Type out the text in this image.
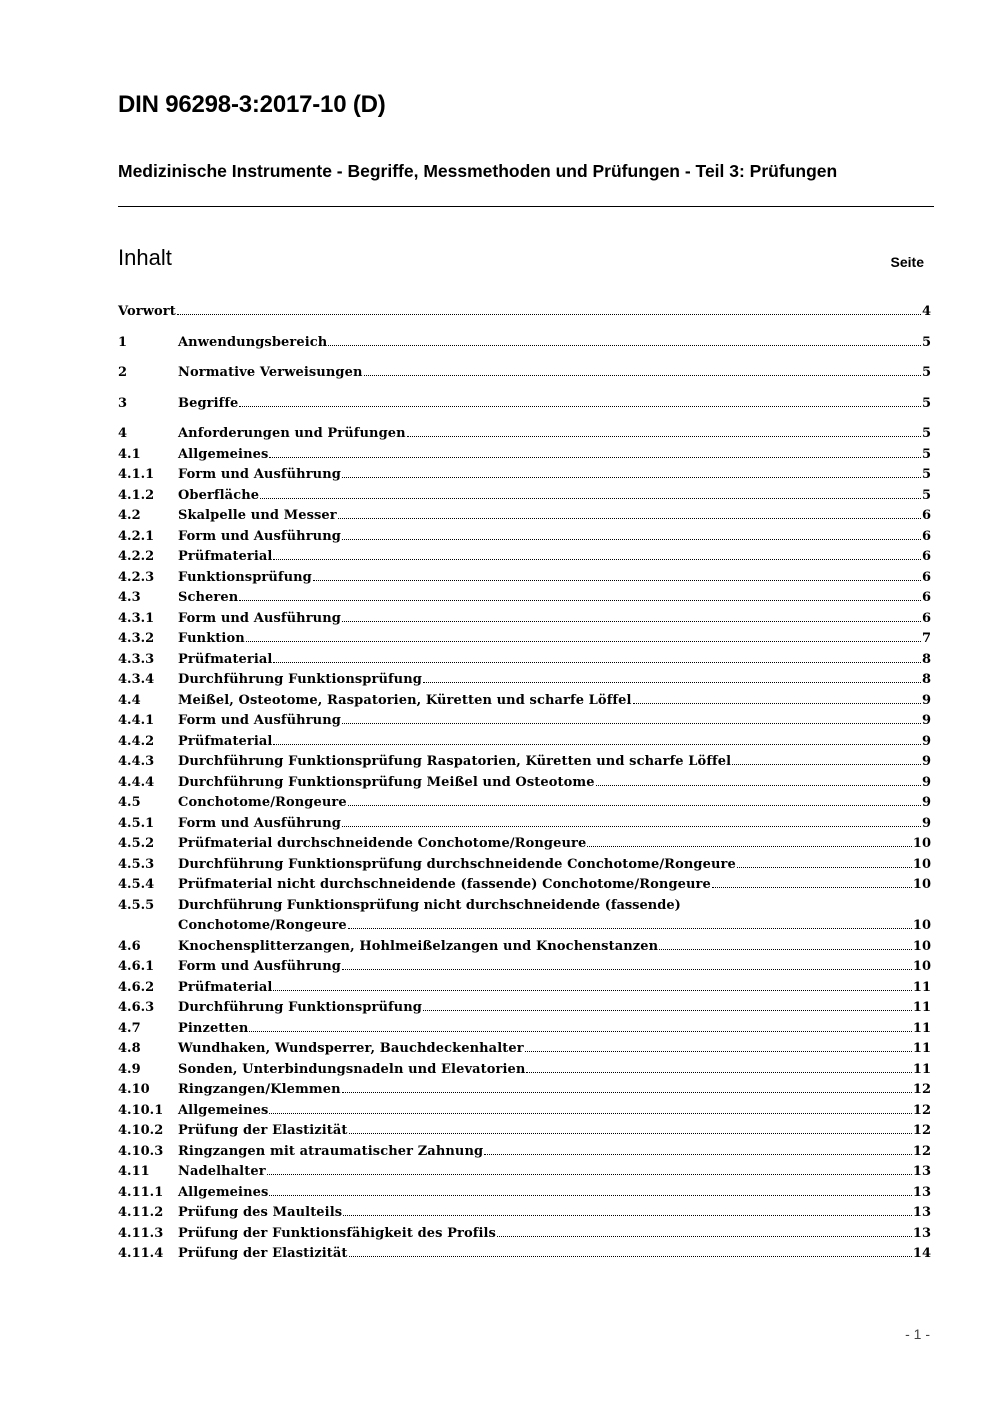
DIN 96298-3:2017-10 (D)
Medizinische Instrumente - Begriffe, Messmethoden und Prüfungen - Teil 3: Prüfungen
Inhalt	Seite
Vorwort	4
1	Anwendungsbereich	5
2	Normative Verweisungen	5
3	Begriffe	5
4	Anforderungen und Prüfungen	5
4.1	Allgemeines	5
4.1.1 Form und Ausführung	5
4.1.2 Oberfläche	5
4.2	Skalpelle und Messer	6
4.2.1 Form und Ausführung	6
4.2.2 Prüfmaterial	6
4.2.3 Funktionsprüfung	6
4.3	Scheren	6
4.3.1 Form und Ausführung	6
4.3.2 Funktion	7
4.3.3 Prüfmaterial	8
4.3.4 Durchführung Funktionsprüfung	8
4.4	Meißel, Osteotome, Raspatorien, Küretten und scharfe Löffel	9
4.4.1 Form und Ausführung	9
4.4.2 Prüfmaterial	9
4.4.3 Durchführung Funktionsprüfung Raspatorien, Küretten und scharfe Löffel	9
4.4.4 Durchführung Funktionsprüfung Meißel und Osteotome	9
4.5	Conchotome/Rongeure	9
4.5.1 Form und Ausführung	9
4.5.2 Prüfmaterial durchschneidende Conchotome/Rongeure	10
4.5.3 Durchführung Funktionsprüfung durchschneidende Conchotome/Rongeure	10
4.5.4 Prüfmaterial nicht durchschneidende (fassende) Conchotome/Rongeure	10
4.5.5 Durchführung Funktionsprüfung nicht durchschneidende (fassende)
Conchotome/Rongeure	10
4.6	Knochensplitterzangen, Hohlmeißelzangen und Knochenstanzen	10
4.6.1 Form und Ausführung	10
4.6.2 Prüfmaterial	11
4.6.3 Durchführung Funktionsprüfung	11
4.7	Pinzetten	11
4.8	Wundhaken, Wundsperrer, Bauchdeckenhalter	11
4.9	Sonden, Unterbindungsnadeln und Elevatorien	11
4.10 Ringzangen/Klemmen	12
4.10.1 Allgemeines	12
4.10.2 Prüfung der Elastizität	12
4.10.3 Ringzangen mit atraumatischer Zahnung	12
4.11 Nadelhalter	13
4.11.1 Allgemeines	13
4.11.2 Prüfung des Maulteils	13
4.11.3 Prüfung der Funktionsfähigkeit des Profils	13
4.11.4 Prüfung der Elastizität	14
- 1 -
